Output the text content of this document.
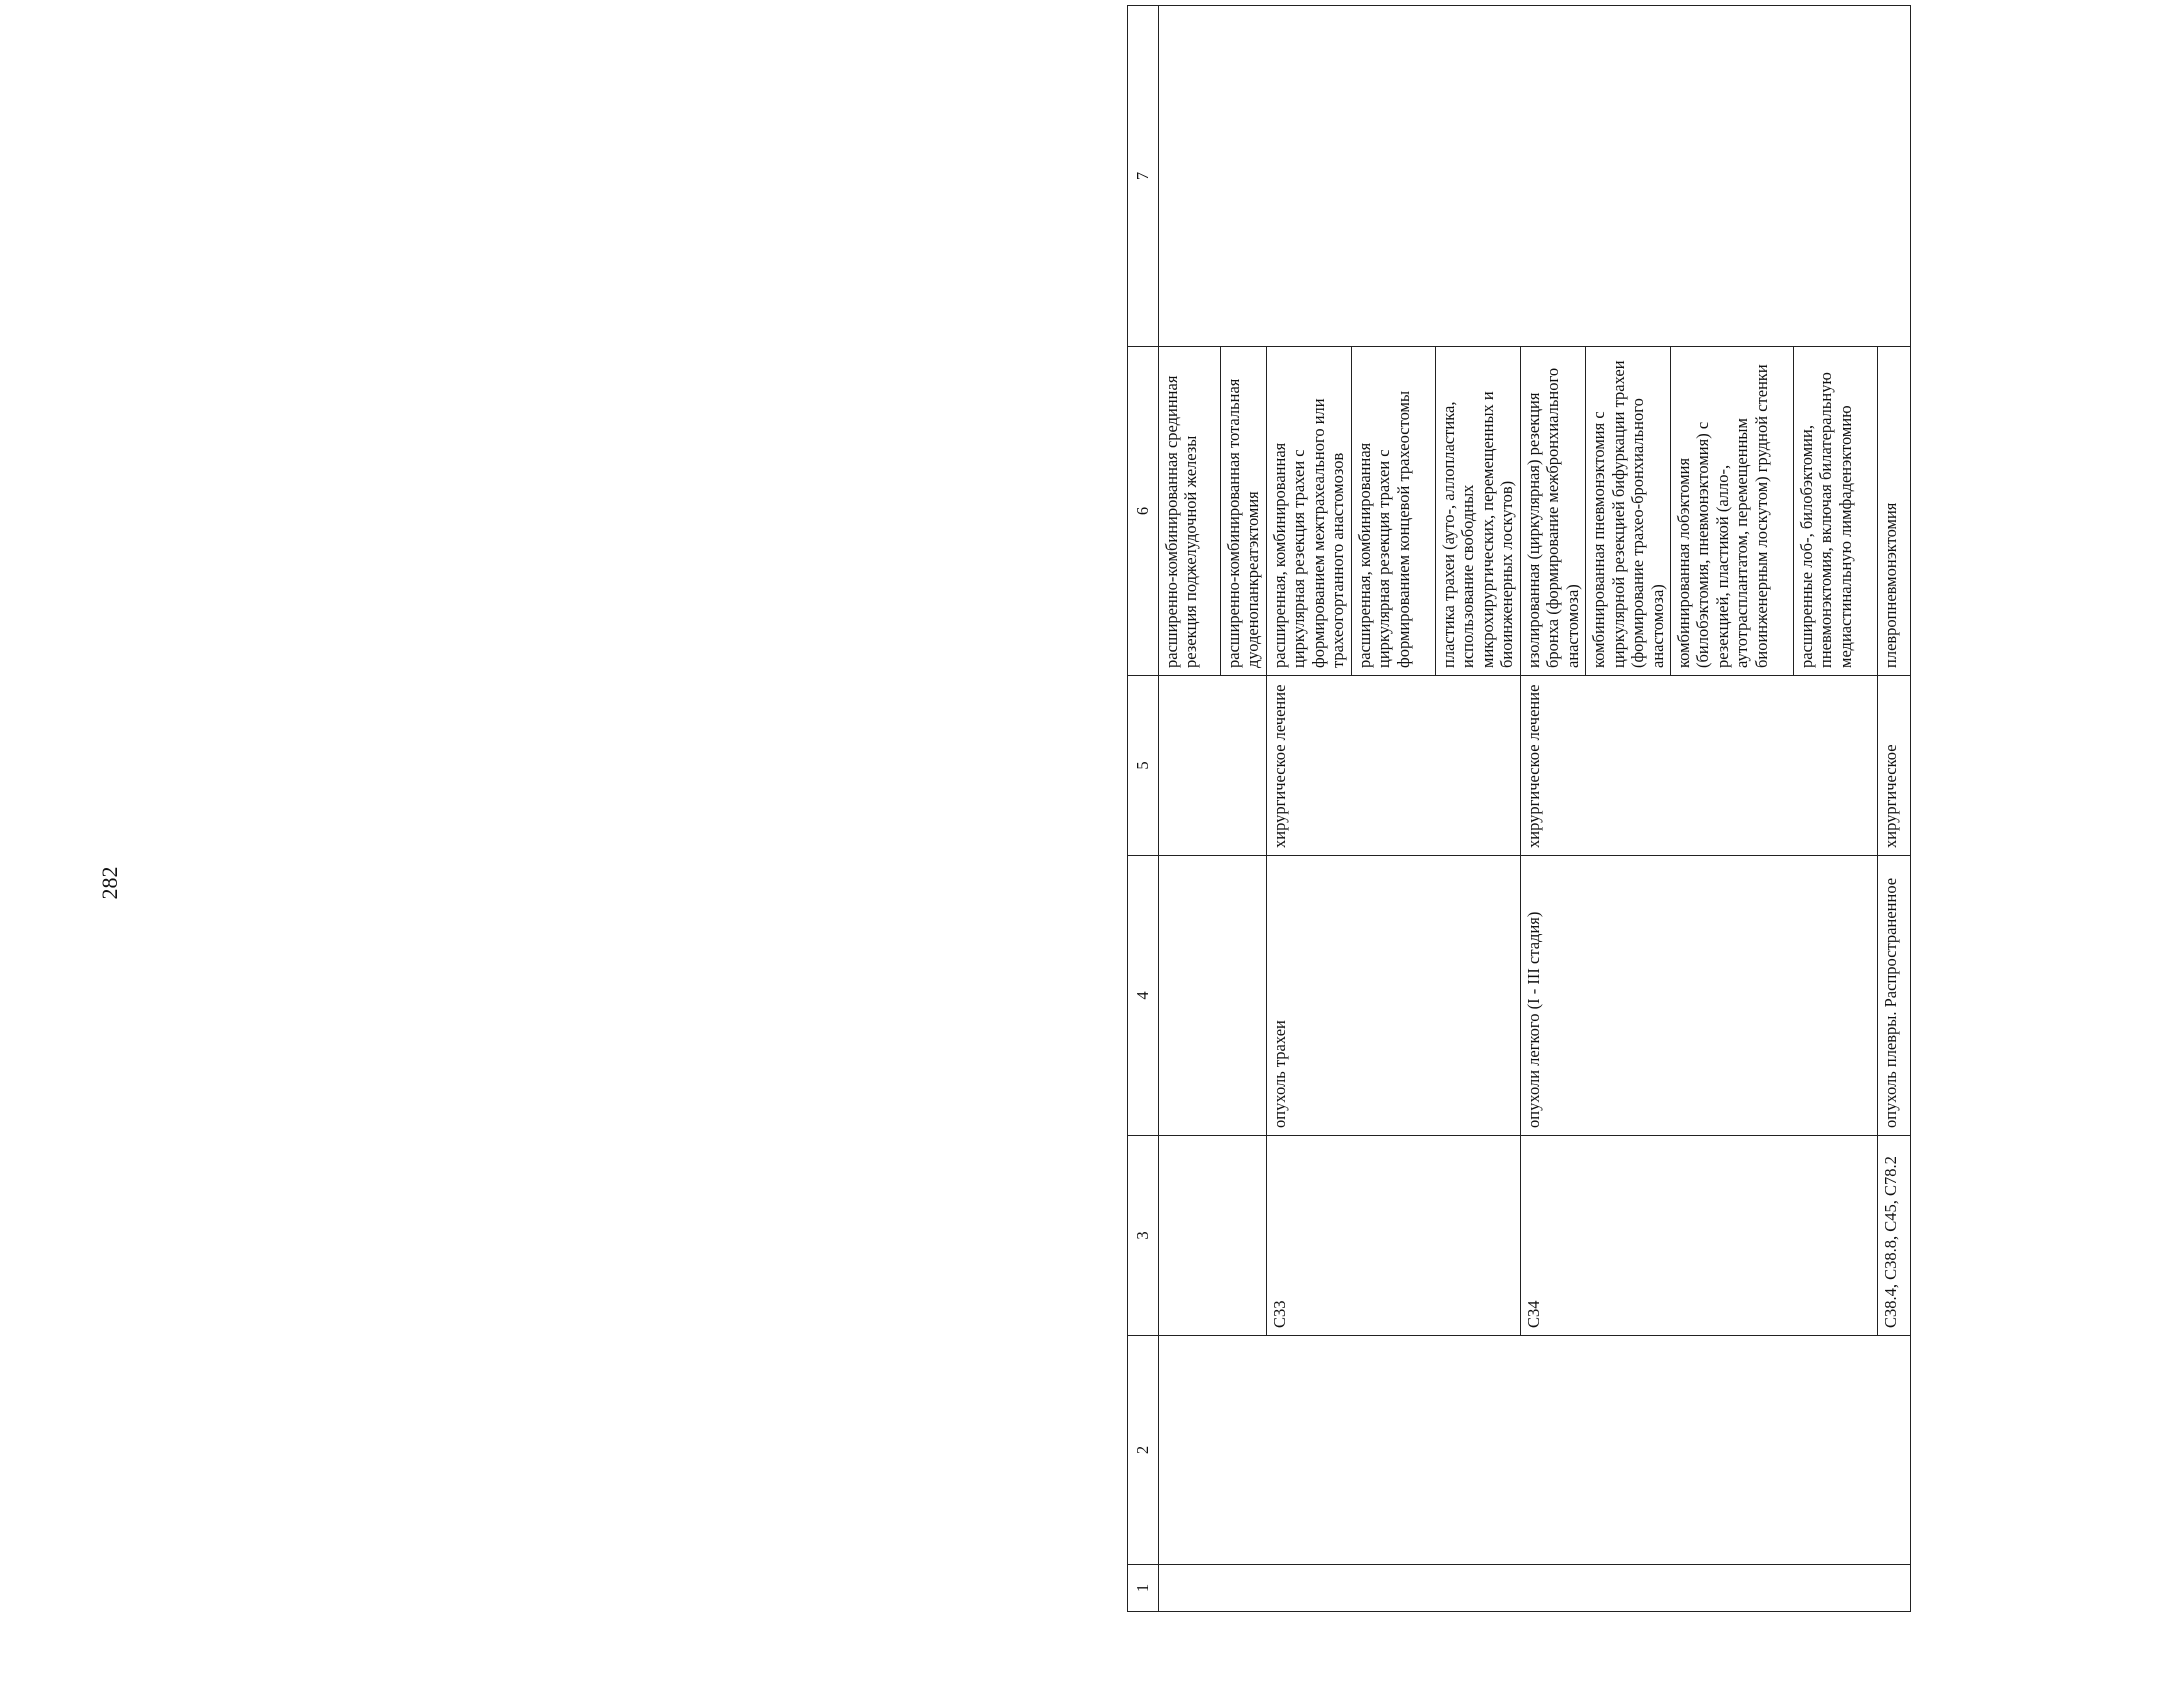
282
1	2	3	4	5	6	7
					расширенно-комбинированная срединная резекция поджелудочной железы	
					расширенно-комбинированная тотальная дуоденопанкреатэктомия	
		С33	опухоль трахеи	хирургическое лечение	расширенная, комбинированная циркулярная резекция трахеи с формированием межтрахеального или трахеогортанного анастомозов	
					расширенная, комбинированная циркулярная резекция трахеи с формированием концевой трахеостомы	
					пластика трахеи (ауто-, аллопластика, использование свободных микрохирургических, перемещенных и биоинженерных лоскутов)	
		С34	опухоли легкого (I - III стадия)	хирургическое лечение	изолированная (циркулярная) резекция бронха (формирование межбронхиального анастомоза)	
					комбинированная пневмонэктомия с циркулярной резекцией бифуркации трахеи (формирование трахео-бронхиального анастомоза)	
					комбинированная лобэктомия (билобэктомия, пневмонэктомия) с резекцией, пластикой (алло-, аутотрасплантатом, перемещенным биоинженерным лоскутом) грудной стенки	
					расширенные лоб-, билобэктомии, пневмонэктомия, включая билатеральную медиастинальную лимфаденэктомию	
		С38.4, С38.8, С45, С78.2	опухоль плевры. Распространенное	хирургическое	плевропневмонэктомия	
